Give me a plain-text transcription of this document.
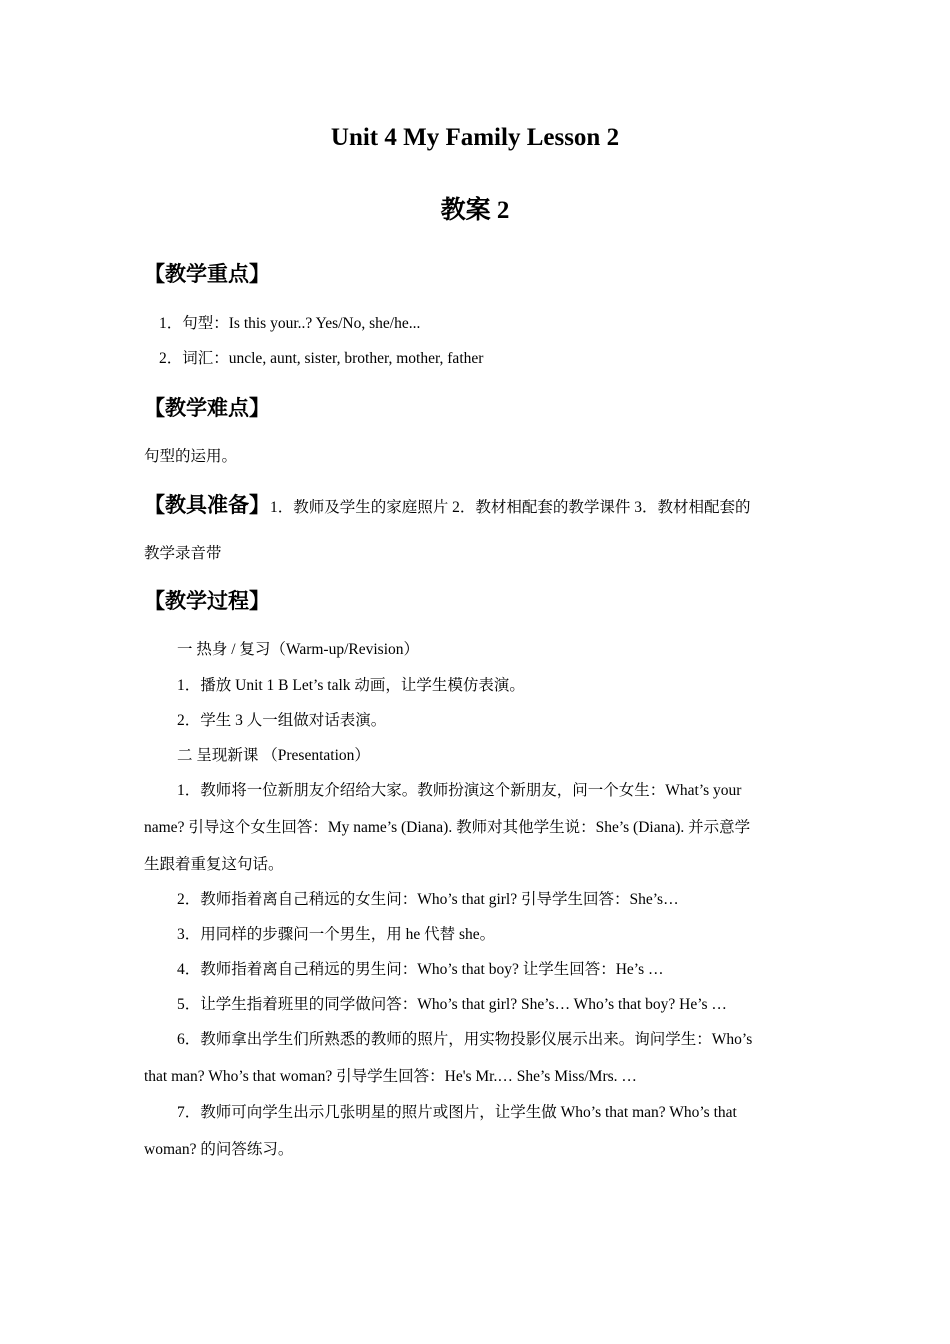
Unit 4 My Family Lesson 2
教案 2
【教学重点】
1．句型：Is this your..? Yes/No, she/he...
2．词汇：uncle, aunt, sister, brother, mother, father
【教学难点】
句型的运用。
【教具准备】1．教师及学生的家庭照片 2．教材相配套的教学课件 3．教材相配套的
教学录音带
【教学过程】
一 热身 / 复习（Warm-up/Revision）
1．播放 Unit 1 B Let’s talk 动画，让学生模仿表演。
2．学生 3 人一组做对话表演。
二 呈现新课 （Presentation）
1．教师将一位新朋友介绍给大家。教师扮演这个新朋友，问一个女生：What’s your
name? 引导这个女生回答：My name’s (Diana). 教师对其他学生说：She’s (Diana). 并示意学
生跟着重复这句话。
2．教师指着离自己稍远的女生问：Who’s that girl? 引导学生回答：She’s…
3．用同样的步骤问一个男生，用 he 代替 she。
4．教师指着离自己稍远的男生问：Who’s that boy? 让学生回答：He’s …
5．让学生指着班里的同学做问答：Who’s that girl? She’s… Who’s that boy? He’s …
6．教师拿出学生们所熟悉的教师的照片，用实物投影仪展示出来。询问学生：Who’s
that man? Who’s that woman? 引导学生回答：He's Mr.… She’s Miss/Mrs. …
7．教师可向学生出示几张明星的照片或图片，让学生做 Who’s that man? Who’s that
woman? 的问答练习。
